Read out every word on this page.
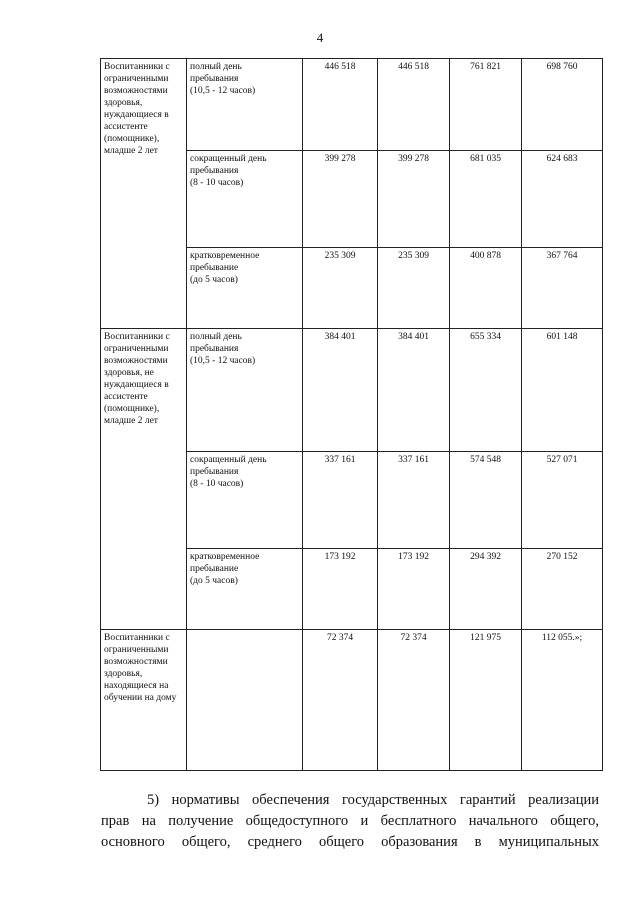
4
Воспитанники с ограниченными возможностями здоровья, нуждающиеся в ассистенте (помощнике), младше 2 лет	полный день
пребывания
(10,5 - 12 часов)	446 518	446 518	761 821	698 760
	сокращенный день
пребывания
(8 - 10 часов)	399 278	399 278	681 035	624 683
	кратковременное
пребывание
(до 5 часов)	235 309	235 309	400 878	367 764
Воспитанники с ограниченными возможностями здоровья, не нуждающиеся в ассистенте (помощнике), младше 2 лет	полный день
пребывания
(10,5 - 12 часов)	384 401	384 401	655 334	601 148
	сокращенный день
пребывания
(8 - 10 часов)	337 161	337 161	574 548	527 071
	кратковременное
пребывание
(до 5 часов)	173 192	173 192	294 392	270 152
Воспитанники с ограниченными возможностями здоровья, находящиеся на обучении на дому		72 374	72 374	121 975	112 055.»;
5) нормативы обеспечения государственных гарантий реализации
прав на получение общедоступного и бесплатного начального общего,
основного общего, среднего общего образования в муниципальных
